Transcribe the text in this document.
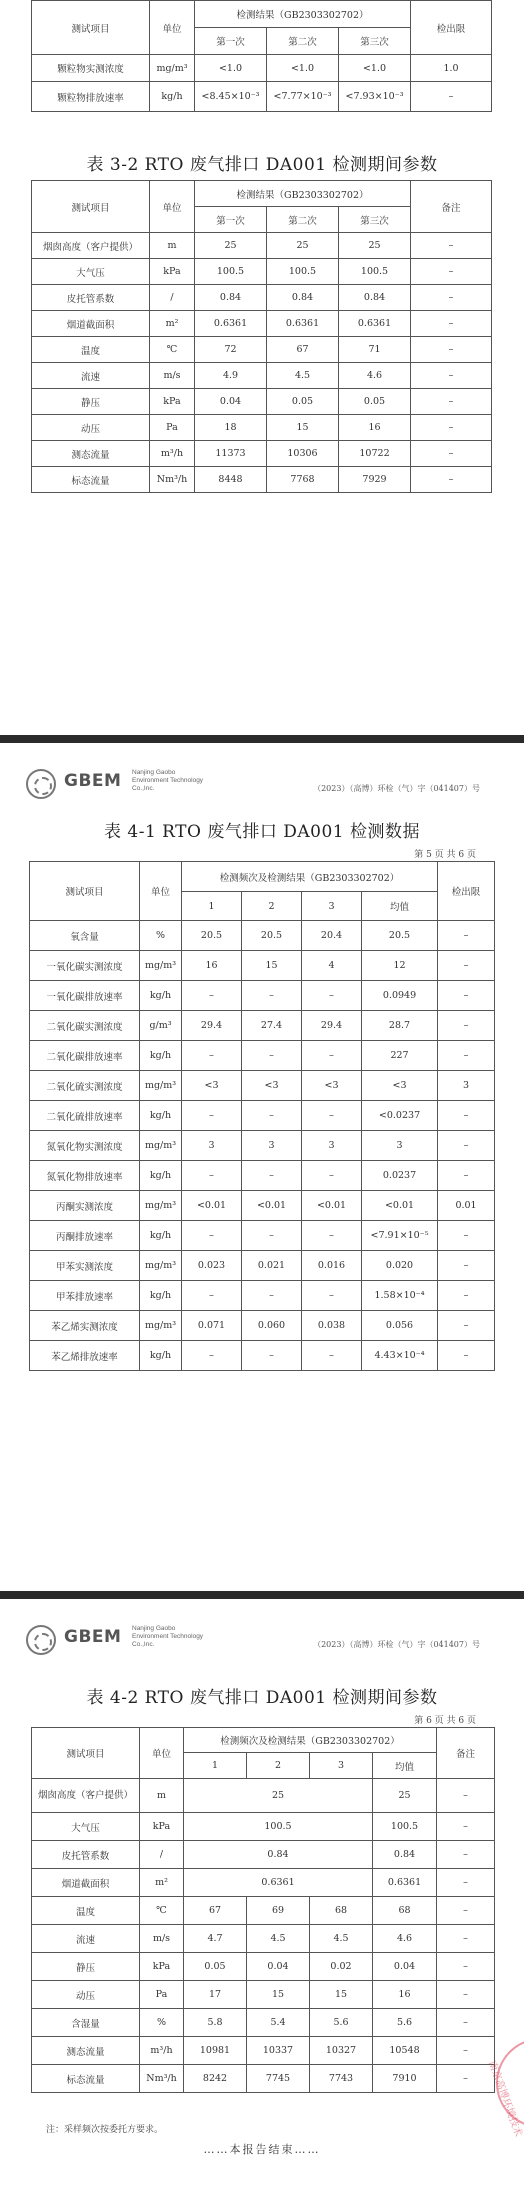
测试项目	单位	检测结果（GB2303302702）			检出限
		第一次	第二次	第三次	
颗粒物实测浓度	mg/m³	<1.0	<1.0	<1.0	1.0
颗粒物排放速率	kg/h	<8.45×10⁻³	<7.77×10⁻³	<7.93×10⁻³	–
表 3-2 RTO 废气排口 DA001 检测期间参数
测试项目	单位	检测结果（GB2303302702）			备注
		第一次	第二次	第三次	
烟囱高度（客户提供）	m	25	25	25	–
大气压	kPa	100.5	100.5	100.5	–
皮托管系数	/	0.84	0.84	0.84	–
烟道截面积	m²	0.6361	0.6361	0.6361	–
温度	℃	72	67	71	–
流速	m/s	4.9	4.5	4.6	–
静压	kPa	0.04	0.05	0.05	–
动压	Pa	18	15	16	–
测态流量	m³/h	11373	10306	10722	–
标态流量	Nm³/h	8448	7768	7929	–
GBEM Nanjing Gaobo
Environment Technology
Co.,Inc.	（2023）（高博）环检（气）字（041407）号
表 4-1 RTO 废气排口 DA001 检测数据
第 5 页 共 6 页
测试项目	单位	检测频次及检测结果（GB2303302702）				检出限
		1	2	3	均值	
氧含量	%	20.5	20.5	20.4	20.5	–
一氧化碳实测浓度	mg/m³	16	15	4	12	–
一氧化碳排放速率	kg/h	–	–	–	0.0949	–
二氧化碳实测浓度	g/m³	29.4	27.4	29.4	28.7	–
二氧化碳排放速率	kg/h	–	–	–	227	–
二氧化硫实测浓度	mg/m³	<3	<3	<3	<3	3
二氧化硫排放速率	kg/h	–	–	–	<0.0237	–
氮氧化物实测浓度	mg/m³	3	3	3	3	–
氮氧化物排放速率	kg/h	–	–	–	0.0237	–
丙酮实测浓度	mg/m³	<0.01	<0.01	<0.01	<0.01	0.01
丙酮排放速率	kg/h	–	–	–	<7.91×10⁻⁵	–
甲苯实测浓度	mg/m³	0.023	0.021	0.016	0.020	–
甲苯排放速率	kg/h	–	–	–	1.58×10⁻⁴	–
苯乙烯实测浓度	mg/m³	0.071	0.060	0.038	0.056	–
苯乙烯排放速率	kg/h	–	–	–	4.43×10⁻⁴	–
GBEM Nanjing Gaobo
Environment Technology
Co.,Inc.	（2023）（高博）环检（气）字（041407）号
表 4-2 RTO 废气排口 DA001 检测期间参数
第 6 页 共 6 页
测试项目	单位	检测频次及检测结果（GB2303302702）				备注
		1	2	3	均值	
烟囱高度（客户提供）	m	25			25	–
大气压	kPa	100.5			100.5	–
皮托管系数	/	0.84			0.84	–
烟道截面积	m²	0.6361			0.6361	–
温度	℃	67	69	68	68	–
流速	m/s	4.7	4.5	4.5	4.6	–
静压	kPa	0.05	0.04	0.02	0.04	–
动压	Pa	17	15	15	16	–
含湿量	%	5.8	5.4	5.6	5.6	–
测态流量	m³/h	10981	10337	10327	10548	–
标态流量	Nm³/h	8242	7745	7743	7910	–
注：采样频次按委托方要求。
……本报告结束……
南京高博环境技术
